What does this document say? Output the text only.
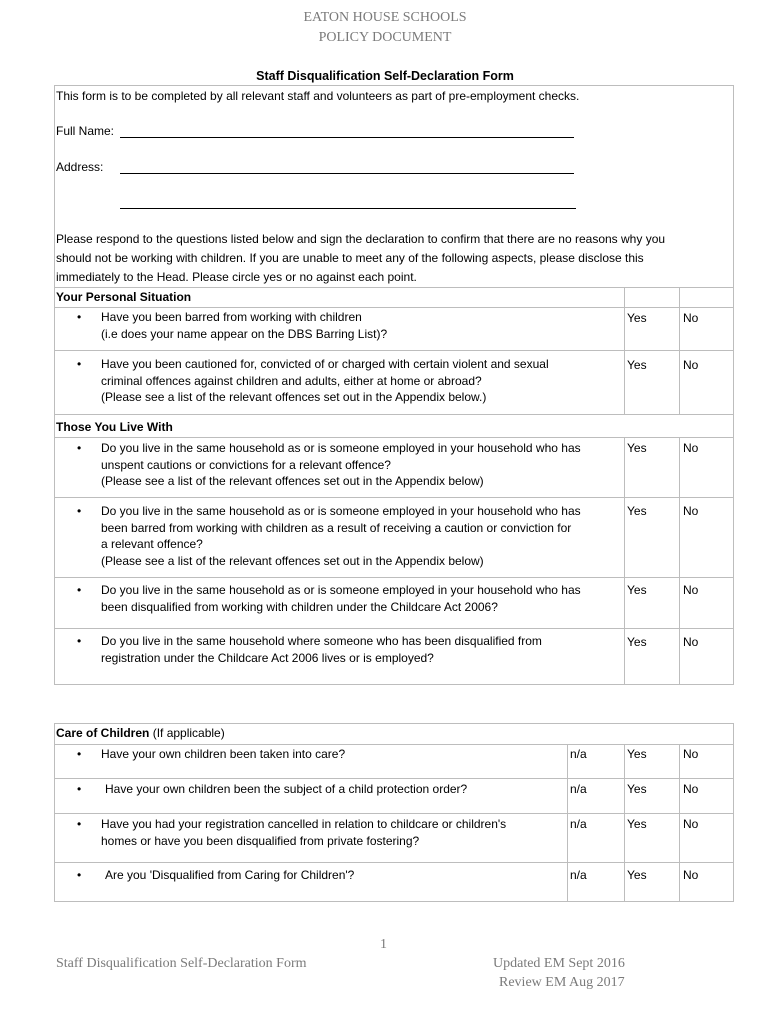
EATON HOUSE SCHOOLS
POLICY DOCUMENT
Staff Disqualification Self-Declaration Form
This form is to be completed by all relevant staff and volunteers as part of pre-employment checks.
Full Name:
Address:
Please respond to the questions listed below and sign the declaration to confirm that there are no reasons why you
should not be working with children. If you are unable to meet any of the following aspects, please disclose this
immediately to the Head. Please circle yes or no against each point.
Your Personal Situation
• Have you been barred from working with children
(i.e does your name appear on the DBS Barring List)?
Yes	No
• Have you been cautioned for, convicted of or charged with certain violent and sexual
criminal offences against children and adults, either at home or abroad?
(Please see a list of the relevant offences set out in the Appendix below.)
Yes	No
Those You Live With
• Do you live in the same household as or is someone employed in your household who has
unspent cautions or convictions for a relevant offence?
(Please see a list of the relevant offences set out in the Appendix below)
Yes	No
• Do you live in the same household as or is someone employed in your household who has
been barred from working with children as a result of receiving a caution or conviction for
a relevant offence?
(Please see a list of the relevant offences set out in the Appendix below)
Yes	No
• Do you live in the same household as or is someone employed in your household who has
been disqualified from working with children under the Childcare Act 2006?
Yes	No
• Do you live in the same household where someone who has been disqualified from
registration under the Childcare Act 2006 lives or is employed?
Yes	No
Care of Children (If applicable)
• Have your own children been taken into care?	n/a	Yes	No
• Have your own children been the subject of a child protection order?	n/a	Yes	No
• Have you had your registration cancelled in relation to childcare or children's
homes or have you been disqualified from private fostering?
n/a	Yes	No
• Are you 'Disqualified from Caring for Children'?	n/a	Yes	No
1
Staff Disqualification Self-Declaration Form	Updated EM Sept 2016
Review EM Aug 2017
